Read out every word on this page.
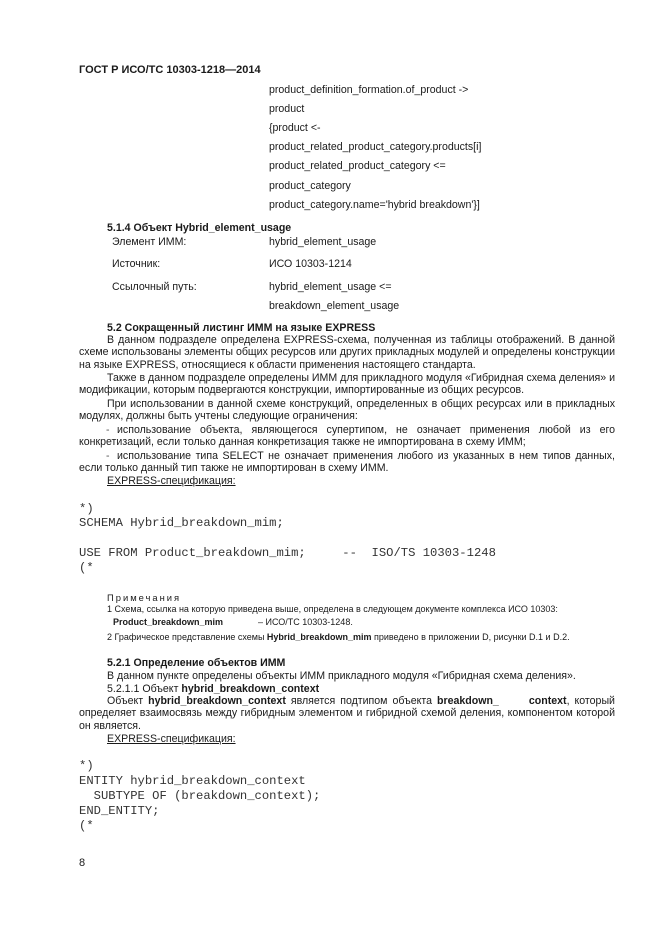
ГОСТ Р ИСО/ТС 10303-1218—2014
product_definition_formation.of_product ->
product
{product <-
product_related_product_category.products[i]
product_related_product_category <=
product_category
product_category.name='hybrid breakdown'}]
5.1.4 Объект Hybrid_element_usage
Элемент ИММ:	hybrid_element_usage
Источник:	ИСО 10303-1214
Ссылочный путь:	hybrid_element_usage <=
breakdown_element_usage
5.2 Сокращенный листинг ИММ на языке EXPRESS
В данном подразделе определена EXPRESS-схема, полученная из таблицы отображений. В данной схеме использованы элементы общих ресурсов или других прикладных модулей и определены конструкции на языке EXPRESS, относящиеся к области применения настоящего стандарта.
Также в данном подразделе определены ИММ для прикладного модуля «Гибридная схема деления» и модификации, которым подвергаются конструкции, импортированные из общих ресурсов.
При использовании в данной схеме конструкций, определенных в общих ресурсах или в прикладных модулях, должны быть учтены следующие ограничения:
- использование объекта, являющегося супертипом, не означает применения любой из его конкретизаций, если только данная конкретизация также не импортирована в схему ИММ;
- использование типа SELECT не означает применения любого из указанных в нем типов данных, если только данный тип также не импортирован в схему ИММ.
EXPRESS-спецификация:
*)
SCHEMA Hybrid_breakdown_mim;
USE FROM Product_breakdown_mim;     --  ISO/TS 10303-1248
(*
Примечания
1 Схема, ссылка на которую приведена выше, определена в следующем документе комплекса ИСО 10303:
Product_breakdown_mim	– ИСО/ТС 10303-1248.
2 Графическое представление схемы Hybrid_breakdown_mim приведено в приложении D, рисунки D.1 и D.2.
5.2.1 Определение объектов ИММ
В данном пункте определены объекты ИММ прикладного модуля «Гибридная схема деления».
5.2.1.1 Объект hybrid_breakdown_context
Объект hybrid_breakdown_context является подтипом объекта breakdown_      context, который определяет взаимосвязь между гибридным элементом и гибридной схемой деления, компонентом которой он является.
EXPRESS-спецификация:
*)
ENTITY hybrid_breakdown_context
SUBTYPE OF (breakdown_context);
END_ENTITY;
(*
8
